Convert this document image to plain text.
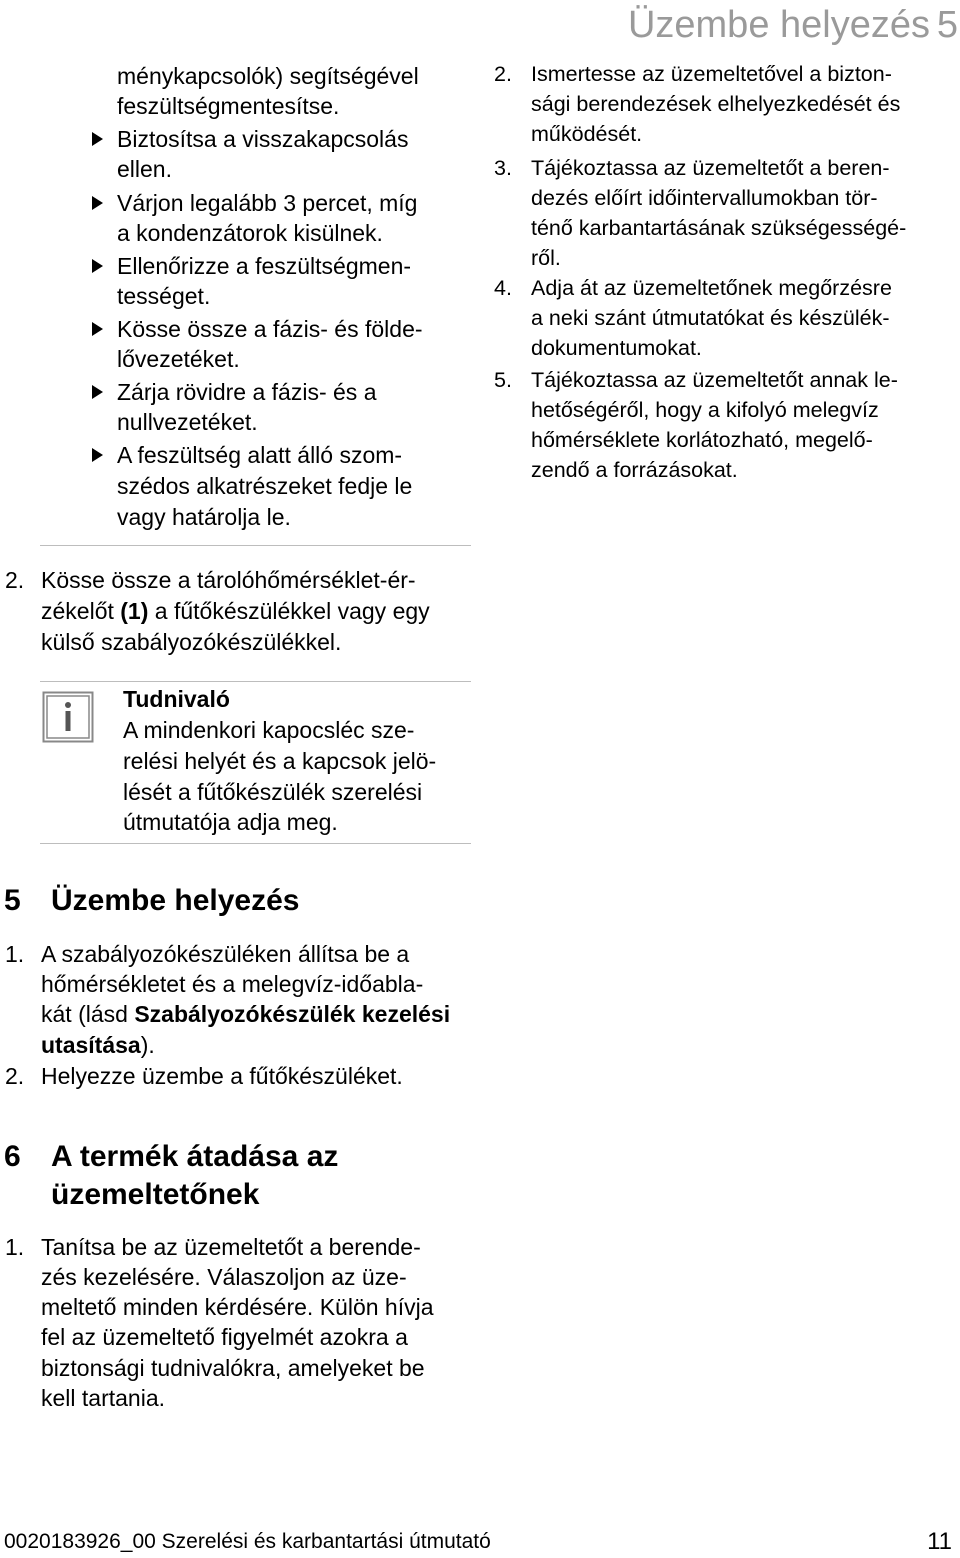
Üzembe helyezés 5
ménykapcsolók) segítségével
feszültségmentesítse.
Biztosítsa a visszakapcsolás
ellen.
Várjon legalább 3 percet, míg
a kondenzátorok kisülnek.
Ellenőrizze a feszültségmen-
tességet.
Kösse össze a fázis- és földe-
lővezetéket.
Zárja rövidre a fázis- és a
nullvezetéket.
A feszültség alatt álló szom-
szédos alkatrészeket fedje le
vagy határolja le.
2. Kösse össze a tárolóhőmérséklet-ér-
zékelőt (1) a fűtőkészülékkel vagy egy
külső szabályozókészülékkel.
Tudnivaló
A mindenkori kapocsléc sze-
relési helyét és a kapcsok jelö-
lését a fűtőkészülék szerelési
útmutatója adja meg.
5 Üzembe helyezés
1. A szabályozókészüléken állítsa be a
hőmérsékletet és a melegvíz-időabla-
kát (lásd Szabályozókészülék kezelési
utasítása).
2. Helyezze üzembe a fűtőkészüléket.
6 A termék átadása az
üzemeltetőnek
1. Tanítsa be az üzemeltetőt a berende-
zés kezelésére. Válaszoljon az üze-
meltető minden kérdésére. Külön hívja
fel az üzemeltető figyelmét azokra a
biztonsági tudnivalókra, amelyeket be
kell tartania.
2. Ismertesse az üzemeltetővel a bizton-
sági berendezések elhelyezkedését és
működését.
3. Tájékoztassa az üzemeltetőt a beren-
dezés előírt időintervallumokban tör-
ténő karbantartásának szükségességé-
ről.
4. Adja át az üzemeltetőnek megőrzésre
a neki szánt útmutatókat és készülék-
dokumentumokat.
5. Tájékoztassa az üzemeltetőt annak le-
hetőségéről, hogy a kifolyó melegvíz
hőmérséklete korlátozható, megelő-
zendő a forrázásokat.
0020183926_00 Szerelési és karbantartási útmutató	11
